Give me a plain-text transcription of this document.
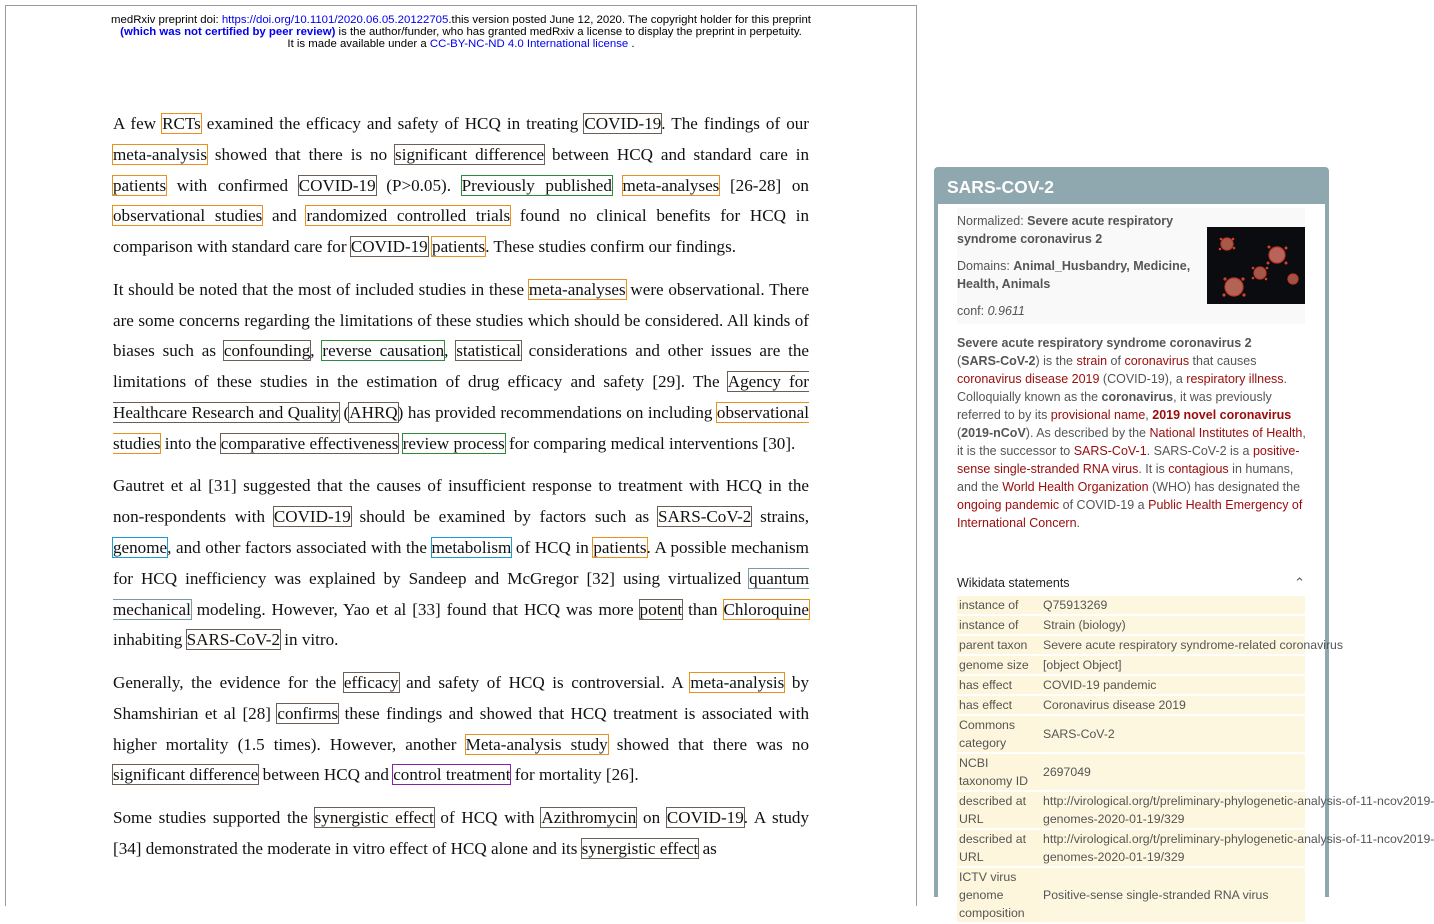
medRxiv preprint doi: https://doi.org/10.1101/2020.06.05.20122705.this version posted June 12, 2020. The copyright holder for this preprint
(which was not certified by peer review) is the author/funder, who has granted medRxiv a license to display the preprint in perpetuity.
It is made available under a CC-BY-NC-ND 4.0 International license .

A few RCTs examined the efficacy and safety of HCQ in treating COVID-19. The findings of our meta-analysis showed that there is no significant difference between HCQ and standard care in patients with confirmed COVID-19 (P>0.05). Previously published meta-analyses [26-28] on observational studies and randomized controlled trials found no clinical benefits for HCQ in comparison with standard care for COVID-19 patients. These studies confirm our findings.

It should be noted that the most of included studies in these meta-analyses were observational. There are some concerns regarding the limitations of these studies which should be considered. All kinds of biases such as confounding, reverse causation, statistical considerations and other issues are the limitations of these studies in the estimation of drug efficacy and safety [29]. The Agency for Healthcare Research and Quality (AHRQ) has provided recommendations on including observational studies into the comparative effectiveness review process for comparing medical interventions [30].

Gautret et al [31] suggested that the causes of insufficient response to treatment with HCQ in the non-respondents with COVID-19 should be examined by factors such as SARS-CoV-2 strains, genome, and other factors associated with the metabolism of HCQ in patients. A possible mechanism for HCQ inefficiency was explained by Sandeep and McGregor [32] using virtualized quantum mechanical modeling. However, Yao et al [33] found that HCQ was more potent than Chloroquine inhabiting SARS-CoV-2 in vitro.

Generally, the evidence for the efficacy and safety of HCQ is controversial. A meta-analysis by Shamshirian et al [28] confirms these findings and showed that HCQ treatment is associated with higher mortality (1.5 times). However, another Meta-analysis study showed that there was no significant difference between HCQ and control treatment for mortality [26].

Some studies supported the synergistic effect of HCQ with Azithromycin on COVID-19. A study [34] demonstrated the moderate in vitro effect of HCQ alone and its synergistic effect as

SARS-COV-2
Normalized: Severe acute respiratory syndrome coronavirus 2
Domains: Animal_Husbandry, Medicine, Health, Animals
conf: 0.9611
Severe acute respiratory syndrome coronavirus 2
(SARS-CoV-2) is the strain of coronavirus that causes coronavirus disease 2019 (COVID-19), a respiratory illness. Colloquially known as the coronavirus, it was previously referred to by its provisional name, 2019 novel coronavirus (2019-nCoV). As described by the National Institutes of Health, it is the successor to SARS-CoV-1. SARS-CoV-2 is a positive-sense single-stranded RNA virus. It is contagious in humans, and the World Health Organization (WHO) has designated the ongoing pandemic of COVID-19 a Public Health Emergency of International Concern.
Wikidata statements	⌃
instance of	Q75913269
instance of	Strain (biology)
parent taxon	Severe acute respiratory syndrome-related coronavirus
genome size	[object Object]
has effect	COVID-19 pandemic
has effect	Coronavirus disease 2019
Commons category	SARS-CoV-2
NCBI taxonomy ID	2697049
described at URL	http://virological.org/t/preliminary-phylogenetic-analysis-of-11-ncov2019-
genomes-2020-01-19/329
described at URL	http://virological.org/t/preliminary-phylogenetic-analysis-of-11-ncov2019-
genomes-2020-01-19/329
ICTV virus genome composition	Positive-sense single-stranded RNA virus
